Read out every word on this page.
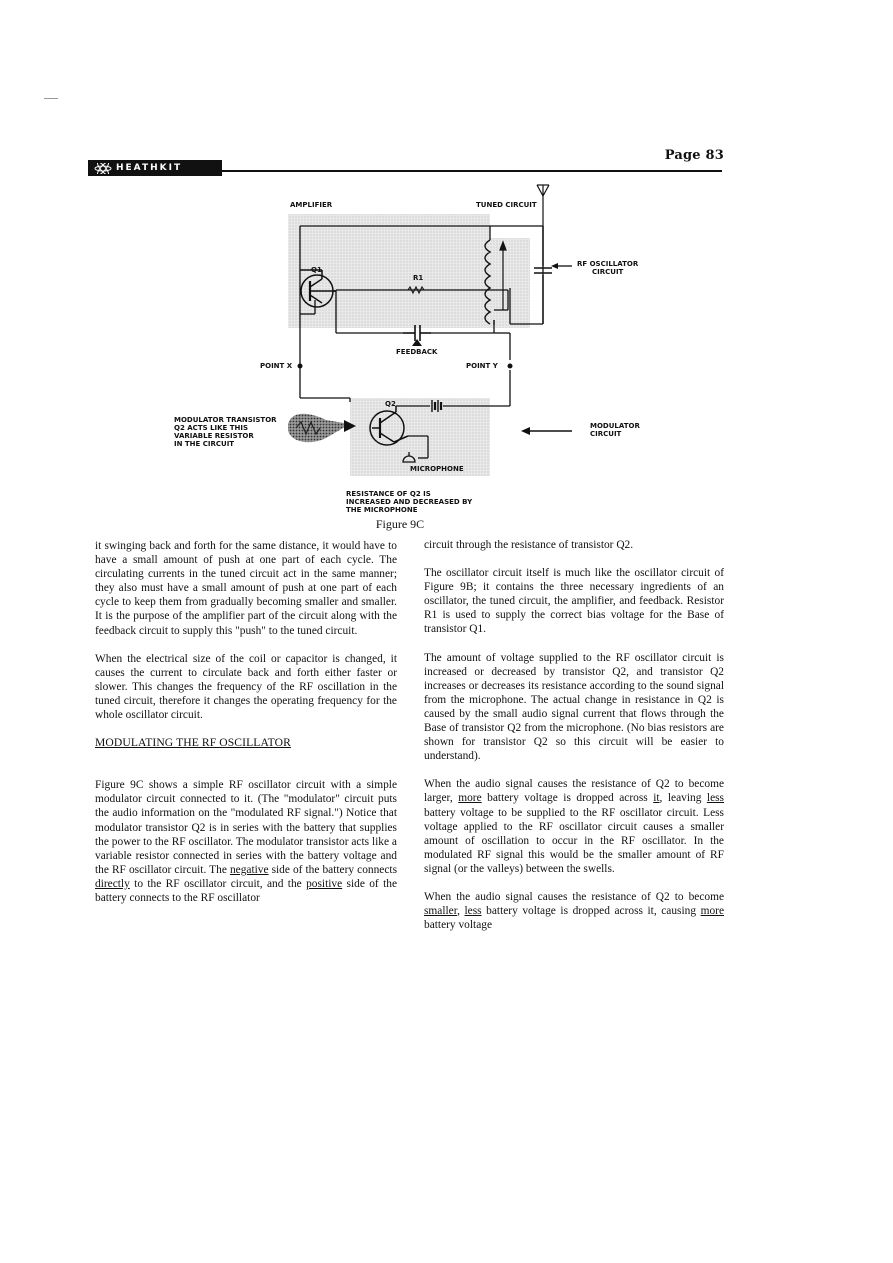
HEATHKIT
Page 83
AMPLIFIER	TUNED CIRCUIT
RF OSCILLATOR
CIRCUIT
Q1
R1
FEEDBACK
POINT X	POINT Y
Q2
MODULATOR TRANSISTOR
Q2 ACTS LIKE THIS
VARIABLE RESISTOR
IN THE CIRCUIT
MODULATOR
CIRCUIT
MICROPHONE
RESISTANCE OF Q2 IS
INCREASED AND DECREASED BY
THE MICROPHONE
Figure 9C

it swinging back and forth for the same distance, it would have to have a small amount of push at one part of each cycle. The circulating currents in the tuned circuit act in the same manner; they also must have a small amount of push at one part of each cycle to keep them from gradually becoming smaller and smaller. It is the purpose of the amplifier part of the circuit along with the feedback circuit to supply this "push" to the tuned circuit.

When the electrical size of the coil or capacitor is changed, it causes the current to circulate back and forth either faster or slower. This changes the frequency of the RF oscillation in the tuned circuit, therefore it changes the operating frequency for the whole oscillator circuit.

MODULATING THE RF OSCILLATOR

Figure 9C shows a simple RF oscillator circuit with a simple modulator circuit connected to it. (The "modulator" circuit puts the audio information on the "modulated RF signal.") Notice that modulator transistor Q2 is in series with the battery that supplies the power to the RF oscillator. The modulator transistor acts like a variable resistor connected in series with the battery voltage and the RF oscillator circuit. The negative side of the battery connects directly to the RF oscillator circuit, and the positive side of the battery connects to the RF oscillator

circuit through the resistance of transistor Q2.

The oscillator circuit itself is much like the oscillator circuit of Figure 9B; it contains the three necessary ingredients of an oscillator, the tuned circuit, the amplifier, and feedback. Resistor R1 is used to supply the correct bias voltage for the Base of transistor Q1.

The amount of voltage supplied to the RF oscillator circuit is increased or decreased by transistor Q2, and transistor Q2 increases or decreases its resistance according to the sound signal from the microphone. The actual change in resistance in Q2 is caused by the small audio signal current that flows through the Base of transistor Q2 from the microphone. (No bias resistors are shown for transistor Q2 so this circuit will be easier to understand).

When the audio signal causes the resistance of Q2 to become larger, more battery voltage is dropped across it, leaving less battery voltage to be supplied to the RF oscillator circuit. Less voltage applied to the RF oscillator circuit causes a smaller amount of oscillation to occur in the RF oscillator. In the modulated RF signal this would be the smaller amount of RF signal (or the valleys) between the swells.

When the audio signal causes the resistance of Q2 to become smaller, less battery voltage is dropped across it, causing more battery voltage
